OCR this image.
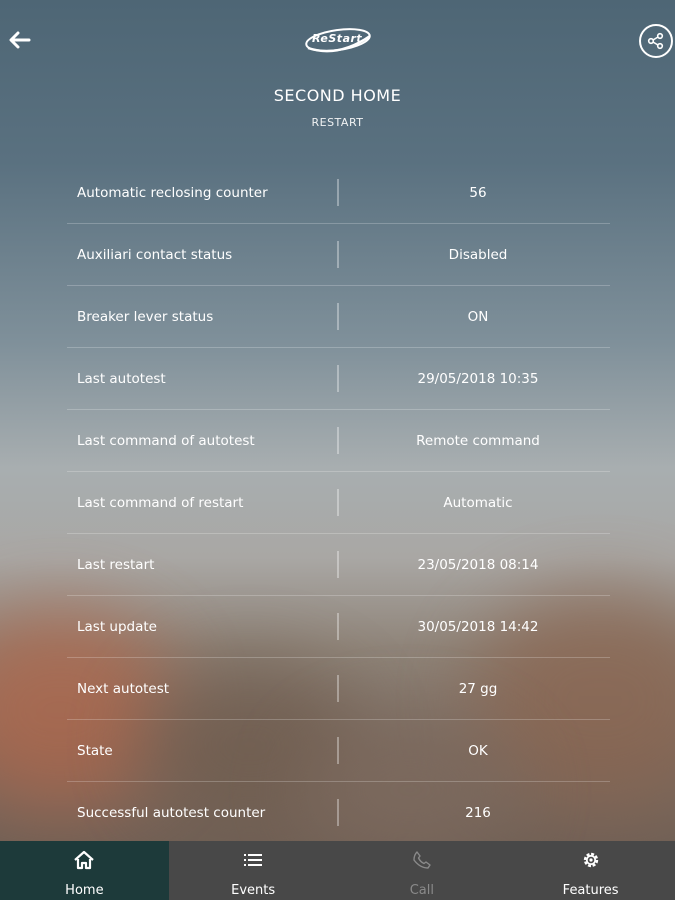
ReStart
SECOND HOME
RESTART
Automatic reclosing counter	56
Auxiliari contact status	Disabled
Breaker lever status	ON
Last autotest	29/05/2018 10:35
Last command of autotest	Remote command
Last command of restart	Automatic
Last restart	23/05/2018 08:14
Last update	30/05/2018 14:42
Next autotest	27 gg
State	OK
Successful autotest counter	216
Home	Events	Call	Features
